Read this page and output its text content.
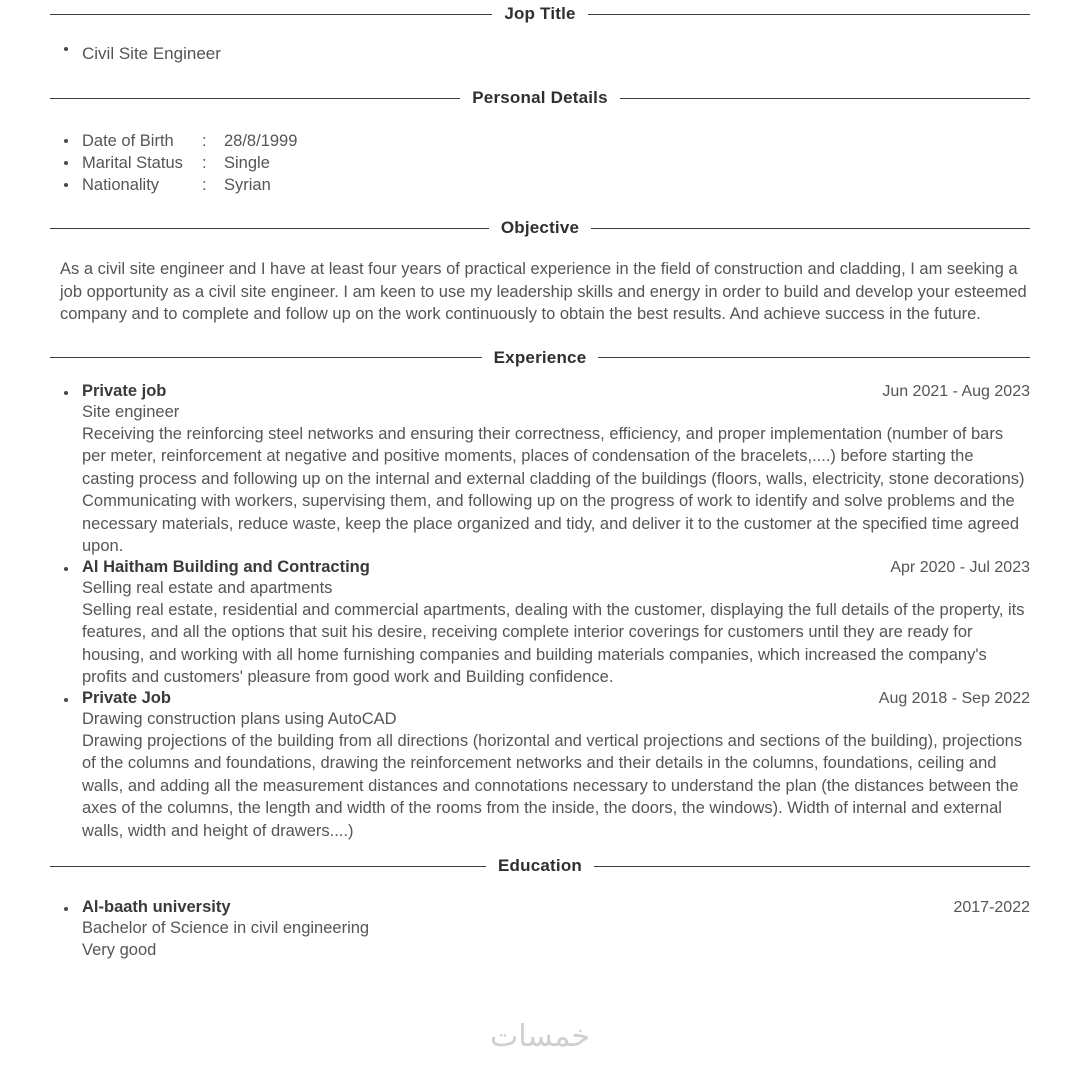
Jop Title
Civil Site Engineer
Personal Details
Date of Birth	:	28/8/1999
Marital Status	:	Single
Nationality	:	Syrian
Objective
As a civil site engineer and I have at least four years of practical experience in the field of construction and cladding, I am seeking a job opportunity as a civil site engineer. I am keen to use my leadership skills and energy in order to build and develop your esteemed company and to complete and follow up on the work continuously to obtain the best results. And achieve success in the future.
Experience
Private job	Jun 2021 - Aug 2023
Site engineer
Receiving the reinforcing steel networks and ensuring their correctness, efficiency, and proper implementation (number of bars per meter, reinforcement at negative and positive moments, places of condensation of the bracelets,....) before starting the casting process and following up on the internal and external cladding of the buildings (floors, walls, electricity, stone decorations) Communicating with workers, supervising them, and following up on the progress of work to identify and solve problems and the necessary materials, reduce waste, keep the place organized and tidy, and deliver it to the customer at the specified time agreed upon.
Al Haitham Building and Contracting	Apr 2020 - Jul 2023
Selling real estate and apartments
Selling real estate, residential and commercial apartments, dealing with the customer, displaying the full details of the property, its features, and all the options that suit his desire, receiving complete interior coverings for customers until they are ready for housing, and working with all home furnishing companies and building materials companies, which increased the company's profits and customers' pleasure from good work and Building confidence.
Private Job	Aug 2018 - Sep 2022
Drawing construction plans using AutoCAD
Drawing projections of the building from all directions (horizontal and vertical projections and sections of the building), projections of the columns and foundations, drawing the reinforcement networks and their details in the columns, foundations, ceiling and walls, and adding all the measurement distances and connotations necessary to understand the plan (the distances between the axes of the columns, the length and width of the rooms from the inside, the doors, the windows). Width of internal and external walls, width and height of drawers....)
Education
Al-baath university	2017-2022
Bachelor of Science in civil engineering
Very good
خمسات
